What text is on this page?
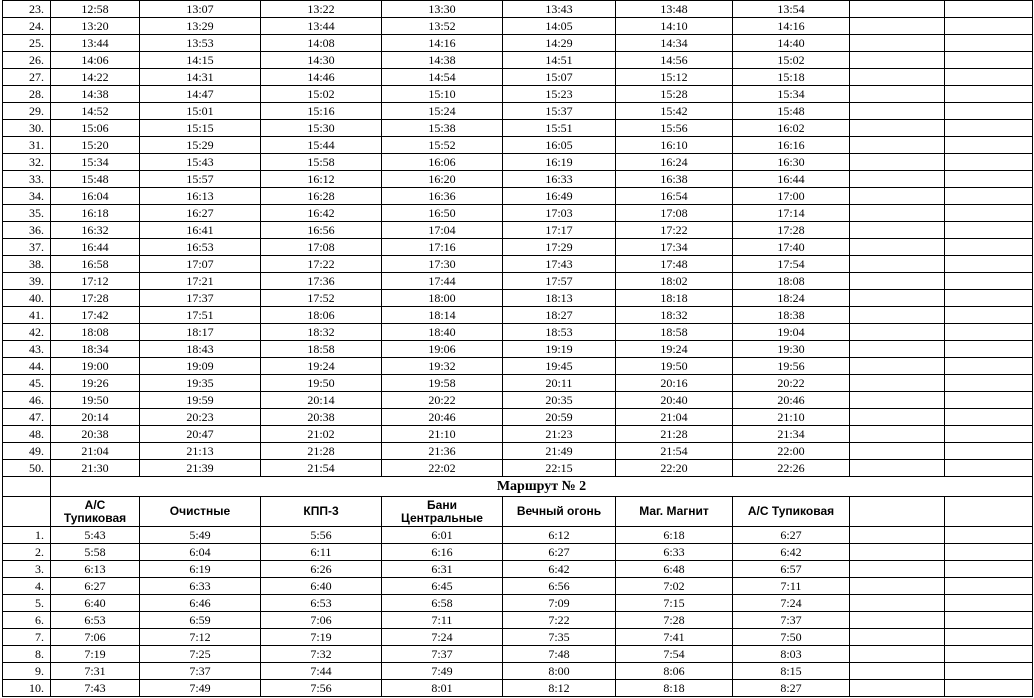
23.	12:58	13:07	13:22	13:30	13:43	13:48	13:54		
24.	13:20	13:29	13:44	13:52	14:05	14:10	14:16		
25.	13:44	13:53	14:08	14:16	14:29	14:34	14:40		
26.	14:06	14:15	14:30	14:38	14:51	14:56	15:02		
27.	14:22	14:31	14:46	14:54	15:07	15:12	15:18		
28.	14:38	14:47	15:02	15:10	15:23	15:28	15:34		
29.	14:52	15:01	15:16	15:24	15:37	15:42	15:48		
30.	15:06	15:15	15:30	15:38	15:51	15:56	16:02		
31.	15:20	15:29	15:44	15:52	16:05	16:10	16:16		
32.	15:34	15:43	15:58	16:06	16:19	16:24	16:30		
33.	15:48	15:57	16:12	16:20	16:33	16:38	16:44		
34.	16:04	16:13	16:28	16:36	16:49	16:54	17:00		
35.	16:18	16:27	16:42	16:50	17:03	17:08	17:14		
36.	16:32	16:41	16:56	17:04	17:17	17:22	17:28		
37.	16:44	16:53	17:08	17:16	17:29	17:34	17:40		
38.	16:58	17:07	17:22	17:30	17:43	17:48	17:54		
39.	17:12	17:21	17:36	17:44	17:57	18:02	18:08		
40.	17:28	17:37	17:52	18:00	18:13	18:18	18:24		
41.	17:42	17:51	18:06	18:14	18:27	18:32	18:38		
42.	18:08	18:17	18:32	18:40	18:53	18:58	19:04		
43.	18:34	18:43	18:58	19:06	19:19	19:24	19:30		
44.	19:00	19:09	19:24	19:32	19:45	19:50	19:56		
45.	19:26	19:35	19:50	19:58	20:11	20:16	20:22		
46.	19:50	19:59	20:14	20:22	20:35	20:40	20:46		
47.	20:14	20:23	20:38	20:46	20:59	21:04	21:10		
48.	20:38	20:47	21:02	21:10	21:23	21:28	21:34		
49.	21:04	21:13	21:28	21:36	21:49	21:54	22:00		
50.	21:30	21:39	21:54	22:02	22:15	22:20	22:26		
	Маршрут № 2								
	А/С Тупиковая	Очистные	КПП-3	Бани Центральные	Вечный огонь	Маг. Магнит	А/С Тупиковая		
1.	5:43	5:49	5:56	6:01	6:12	6:18	6:27		
2.	5:58	6:04	6:11	6:16	6:27	6:33	6:42		
3.	6:13	6:19	6:26	6:31	6:42	6:48	6:57		
4.	6:27	6:33	6:40	6:45	6:56	7:02	7:11		
5.	6:40	6:46	6:53	6:58	7:09	7:15	7:24		
6.	6:53	6:59	7:06	7:11	7:22	7:28	7:37		
7.	7:06	7:12	7:19	7:24	7:35	7:41	7:50		
8.	7:19	7:25	7:32	7:37	7:48	7:54	8:03		
9.	7:31	7:37	7:44	7:49	8:00	8:06	8:15		
10.	7:43	7:49	7:56	8:01	8:12	8:18	8:27		
